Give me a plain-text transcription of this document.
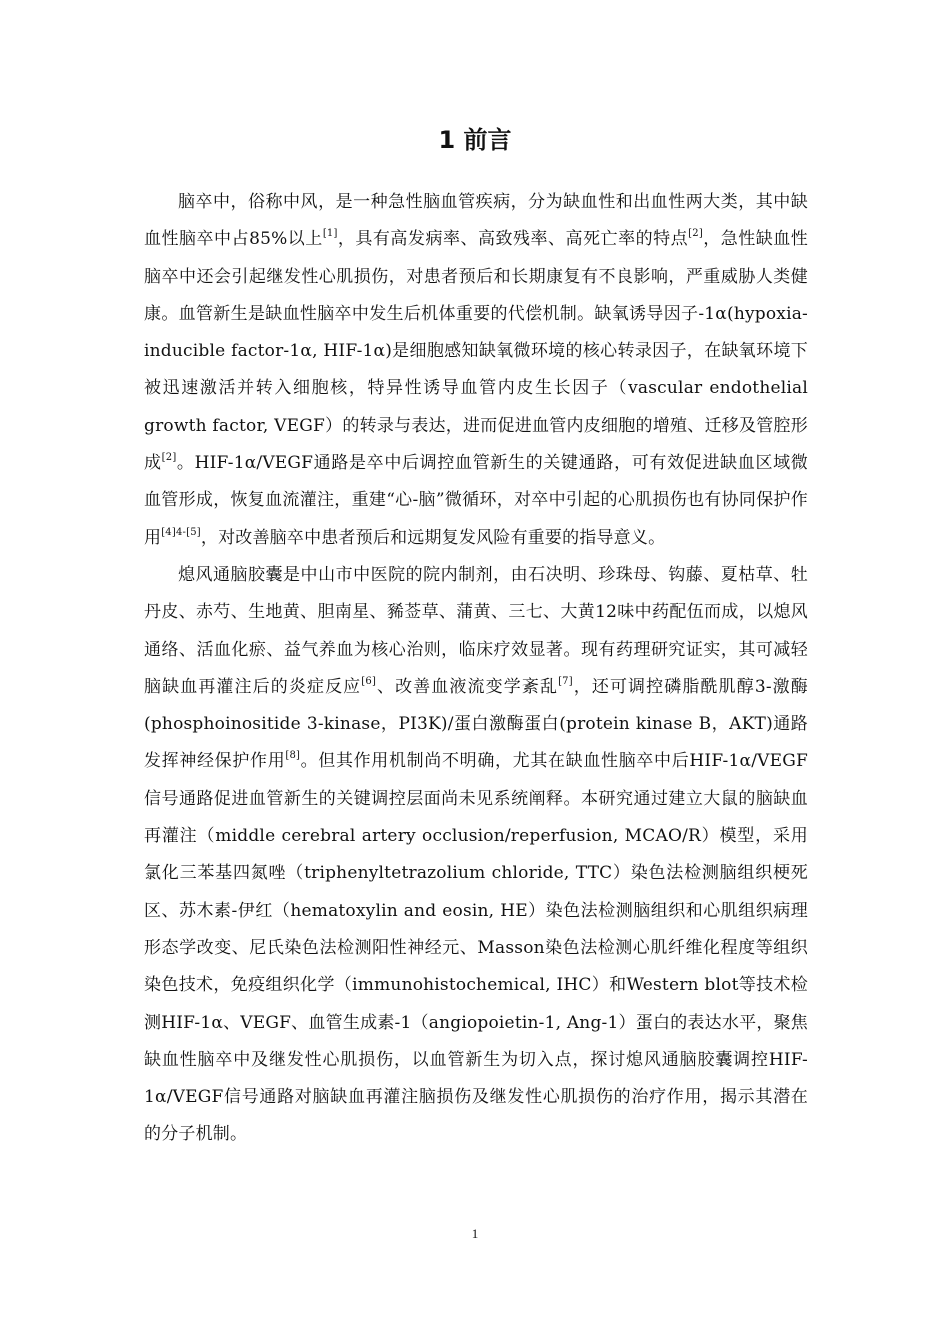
1 前言

脑卒中，俗称中风，是一种急性脑血管疾病，分为缺血性和出血性两大类，其中缺血性脑卒中占85%以上[1]，具有高发病率、高致残率、高死亡率的特点[2]，急性缺血性脑卒中还会引起继发性心肌损伤，对患者预后和长期康复有不良影响，严重威胁人类健康。血管新生是缺血性脑卒中发生后机体重要的代偿机制。缺氧诱导因子-1α(hypoxia-inducible factor-1α, HIF-1α)是细胞感知缺氧微环境的核心转录因子，在缺氧环境下被迅速激活并转入细胞核，特异性诱导血管内皮生长因子（vascular endothelial growth factor, VEGF）的转录与表达，进而促进血管内皮细胞的增殖、迁移及管腔形成[2]。HIF-1α/VEGF通路是卒中后调控血管新生的关键通路，可有效促进缺血区域微血管形成，恢复血流灌注，重建“心-脑”微循环，对卒中引起的心肌损伤也有协同保护作用[4]4-[5]，对改善脑卒中患者预后和远期复发风险有重要的指导意义。

熄风通脑胶囊是中山市中医院的院内制剂，由石决明、珍珠母、钩藤、夏枯草、牡丹皮、赤芍、生地黄、胆南星、豨莶草、蒲黄、三七、大黄12味中药配伍而成，以熄风通络、活血化瘀、益气养血为核心治则，临床疗效显著。现有药理研究证实，其可减轻脑缺血再灌注后的炎症反应[6]、改善血液流变学紊乱[7]，还可调控磷脂酰肌醇3-激酶(phosphoinositide 3-kinase，PI3K)/蛋白激酶蛋白(protein kinase B，AKT)通路发挥神经保护作用[8]。但其作用机制尚不明确，尤其在缺血性脑卒中后HIF-1α/VEGF信号通路促进血管新生的关键调控层面尚未见系统阐释。本研究通过建立大鼠的脑缺血再灌注（middle cerebral artery occlusion/reperfusion, MCAO/R）模型，采用氯化三苯基四氮唑（triphenyltetrazolium chloride, TTC）染色法检测脑组织梗死区、苏木素-伊红（hematoxylin and eosin, HE）染色法检测脑组织和心肌组织病理形态学改变、尼氏染色法检测阳性神经元、Masson染色法检测心肌纤维化程度等组织染色技术，免疫组织化学（immunohistochemical, IHC）和Western blot等技术检测HIF-1α、VEGF、血管生成素-1（angiopoietin-1, Ang-1）蛋白的表达水平，聚焦缺血性脑卒中及继发性心肌损伤，以血管新生为切入点，探讨熄风通脑胶囊调控HIF-1α/VEGF信号通路对脑缺血再灌注脑损伤及继发性心肌损伤的治疗作用，揭示其潜在的分子机制。

1
